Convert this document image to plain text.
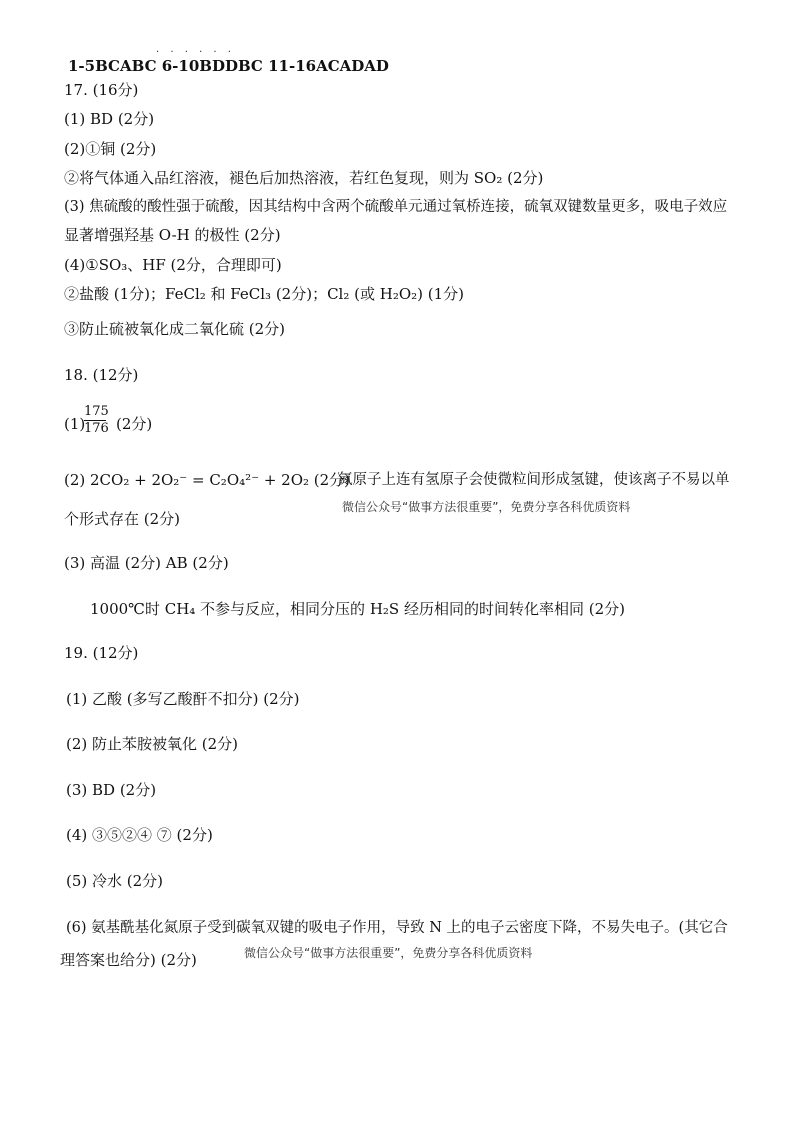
. . . . . .
1-5BCABC 6-10BDDBC 11-16ACADAD
17. (16分)
(1) BD (2分)
(2)①铜 (2分)
②将气体通入品红溶液，褪色后加热溶液，若红色复现，则为 SO₂ (2分)
(3) 焦硫酸的酸性强于硫酸，因其结构中含两个硫酸单元通过氧桥连接，硫氧双键数量更多，吸电子效应
显著增强羟基 O-H 的极性 (2分)
(4)①SO₃、HF (2分，合理即可)
②盐酸 (1分)；FeCl₂ 和 FeCl₃ (2分)；Cl₂ (或 H₂O₂) (1分)
③防止硫被氧化成二氧化硫 (2分)
18. (12分)
(1)
$\frac{175}{176} (2$分)
(2) 2CO₂ + 2O₂⁻ = C₂O₄²⁻ + 2O₂ (2分)
氮原子上连有氢原子会使微粒间形成氢键，使该离子不易以单
微信公众号“做事方法很重要”，免费分享各科优质资料
个形式存在 (2分)
(3) 高温 (2分) AB (2分)
1000℃时 CH₄ 不参与反应，相同分压的 H₂S 经历相同的时间转化率相同 (2分)
19. (12分)
(1) 乙酸 (多写乙酸酐不扣分) (2分)
(2) 防止苯胺被氧化 (2分)
(3) BD (2分)
(4) ③⑤②④ ⑦ (2分)
(5) 冷水 (2分)
(6) 氨基酰基化氮原子受到碳氧双键的吸电子作用，导致 N 上的电子云密度下降，不易失电子。(其它合
理答案也给分) (2分)	微信公众号“做事方法很重要”，免费分享各科优质资料
